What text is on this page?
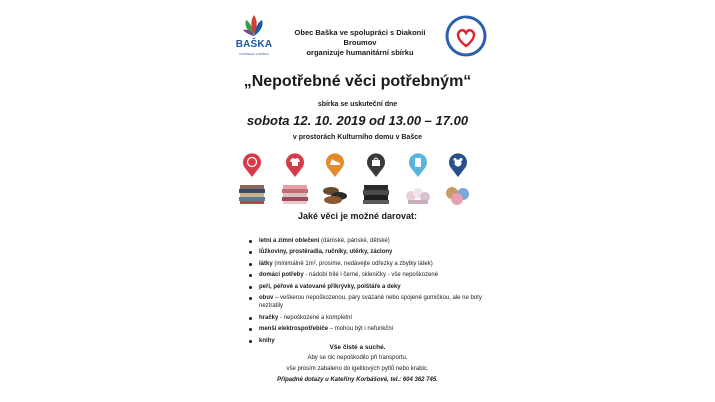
BAŠKA
KOSTELEC A BAŠKA
Obec Baška ve spolupráci s Diakonií Broumov
organizuje humanitární sbírku
„Nepotřebné věci potřebným“
sbírka se uskuteční dne
sobota 12. 10. 2019 od 13.00 – 17.00
v prostorách Kulturního domu v Bašce
Jaké věci je možné darovat:
letní a zimní oblečení (dámské, pánské, dětské)
lůžkoviny, prostěradla, ručníky, utěrky, záclony
látky (minimálně 1m², prosíme, nedávejte odřezky a zbytky látek)
domácí potřeby - nádobí bílé i černé, skleničky - vše nepoškozené
peří, péřové a vatované přikrývky, polštáře a deky
obuv – veškerou nepoškozenou, páry svázané nebo spojené gumičkou, ale ne boty neztratily
hračky - nepoškozené a kompletní
menší elektrospotřebiče – mohou být i nefunkční
knihy
Vše čisté a suché.
Aby se nic nepoškodilo při transportu,
vše prosím zabaleno do igelitových pytlů nebo krabic.
Případné dotazy u Kateřiny Korbášové, tel.: 604 362 745.
